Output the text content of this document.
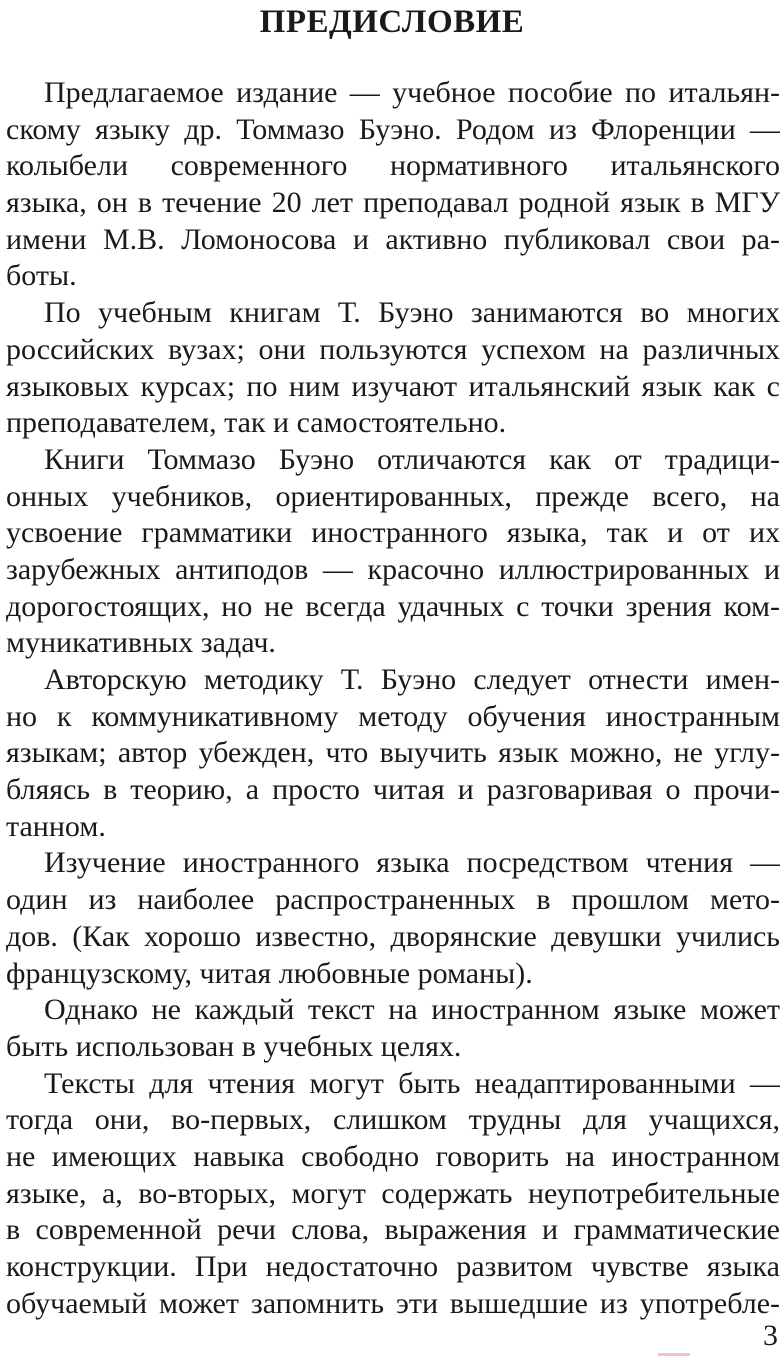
ПРЕДИСЛОВИЕ
Предлагаемое издание — учебное пособие по итальян-
скому языку др. Томмазо Буэно. Родом из Флоренции —
колыбели современного нормативного итальянского
языка, он в течение 20 лет преподавал родной язык в МГУ
имени М.В. Ломоносова и активно публиковал свои ра-
боты.
По учебным книгам Т. Буэно занимаются во многих
российских вузах; они пользуются успехом на различных
языковых курсах; по ним изучают итальянский язык как с
преподавателем, так и самостоятельно.
Книги Томмазо Буэно отличаются как от традици-
онных учебников, ориентированных, прежде всего, на
усвоение грамматики иностранного языка, так и от их
зарубежных антиподов — красочно иллюстрированных и
дорогостоящих, но не всегда удачных с точки зрения ком-
муникативных задач.
Авторскую методику Т. Буэно следует отнести имен-
но к коммуникативному методу обучения иностранным
языкам; автор убежден, что выучить язык можно, не углу-
бляясь в теорию, а просто читая и разговаривая о прочи-
танном.
Изучение иностранного языка посредством чтения —
один из наиболее распространенных в прошлом мето-
дов. (Как хорошо известно, дворянские девушки учились
французскому, читая любовные романы).
Однако не каждый текст на иностранном языке может
быть использован в учебных целях.
Тексты для чтения могут быть неадаптированными —
тогда они, во-первых, слишком трудны для учащихся,
не имеющих навыка свободно говорить на иностранном
языке, а, во-вторых, могут содержать неупотребительные
в современной речи слова, выражения и грамматические
конструкции. При недостаточно развитом чувстве языка
обучаемый может запомнить эти вышедшие из употребле-
3
